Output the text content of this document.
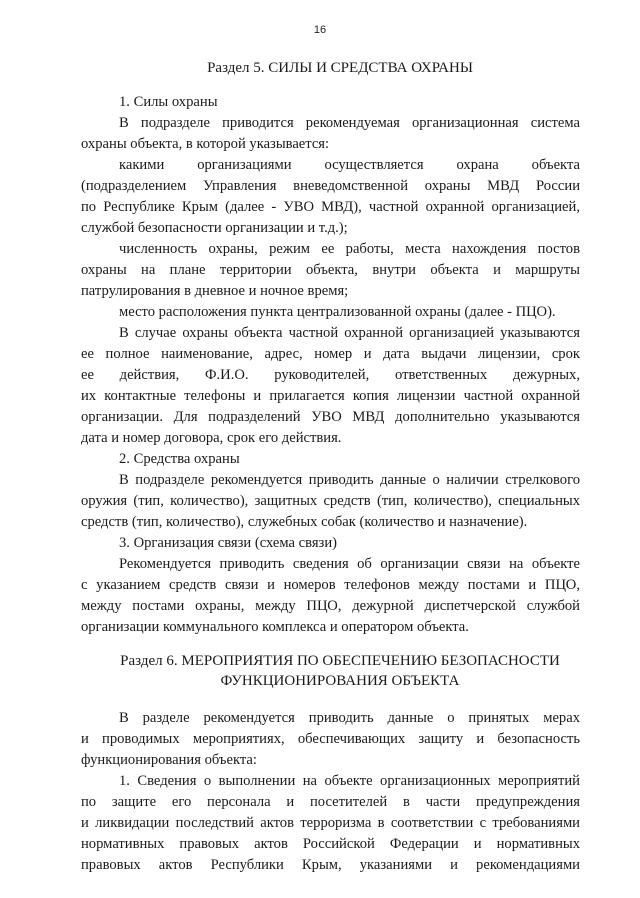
16
Раздел 5. СИЛЫ И СРЕДСТВА ОХРАНЫ

1. Силы охраны

В подразделе приводится рекомендуемая организационная система

охраны объекта, в которой указывается:

какими организациями осуществляется охрана объекта

(подразделением Управления вневедомственной охраны МВД России

по Республике Крым (далее - УВО МВД), частной охранной организацией,

службой безопасности организации и т.д.);

численность охраны, режим ее работы, места нахождения постов

охраны на плане территории объекта, внутри объекта и маршруты

патрулирования в дневное и ночное время;

место расположения пункта централизованной охраны (далее - ПЦО).

В случае охраны объекта частной охранной организацией указываются

ее полное наименование, адрес, номер и дата выдачи лицензии, срок

ее действия, Ф.И.О. руководителей, ответственных дежурных,

их контактные телефоны и прилагается копия лицензии частной охранной

организации. Для подразделений УВО МВД дополнительно указываются

дата и номер договора, срок его действия.

2. Средства охраны

В подразделе рекомендуется приводить данные о наличии стрелкового

оружия (тип, количество), защитных средств (тип, количество), специальных

средств (тип, количество), служебных собак (количество и назначение).

3. Организация связи (схема связи)

Рекомендуется приводить сведения об организации связи на объекте

с указанием средств связи и номеров телефонов между постами и ПЦО,

между постами охраны, между ПЦО, дежурной диспетчерской службой

организации коммунального комплекса и оператором объекта.

Раздел 6. МЕРОПРИЯТИЯ ПО ОБЕСПЕЧЕНИЮ БЕЗОПАСНОСТИ
ФУНКЦИОНИРОВАНИЯ ОБЪЕКТА

В разделе рекомендуется приводить данные о принятых мерах

и проводимых мероприятиях, обеспечивающих защиту и безопасность

функционирования объекта:

1. Сведения о выполнении на объекте организационных мероприятий

по защите его персонала и посетителей в части предупреждения

и ликвидации последствий актов терроризма в соответствии с требованиями

нормативных правовых актов Российской Федерации и нормативных

правовых актов Республики Крым, указаниями и рекомендациями
